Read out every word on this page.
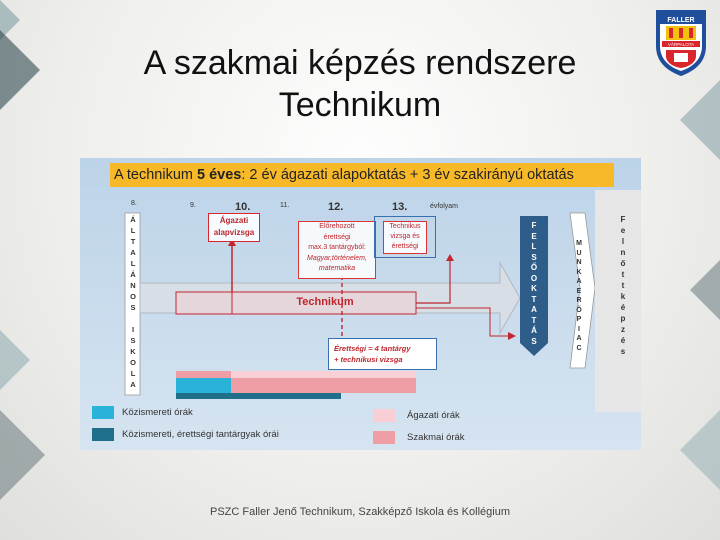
A szakmai képzés rendszere
Technikum
FALLER
VÁRPALOTA
A technikum 5 éves: 2 év ágazati alapoktatás + 3 év szakirányú oktatás
8.	9.	10.	11.	12.	13.	évfolyam
Á
L
T
A
L
Á
N
O
S

I
S
K
O
L
A
F
E
L
S
Ő
O
K
T
A
T
Á
S
M
U
N
K
A
E
R
Ő
P
I
A
C
F
e
l
n
ő
t
t
k
é
p
z
é
s
Ágazati
alapvizsga
Előrehozott
érettségi
max.3 tantárgyból:
Magyar,történelem,
matematika
Technikus
vizsga és
érettségi
Technikum
Érettségi = 4 tantárgy
+ technikusi vizsga
Közismereti órák
Közismereti, érettségi tantárgyak órái
Ágazati órák
Szakmai órák
PSZC Faller Jenő Technikum, Szakképző Iskola és Kollégium
